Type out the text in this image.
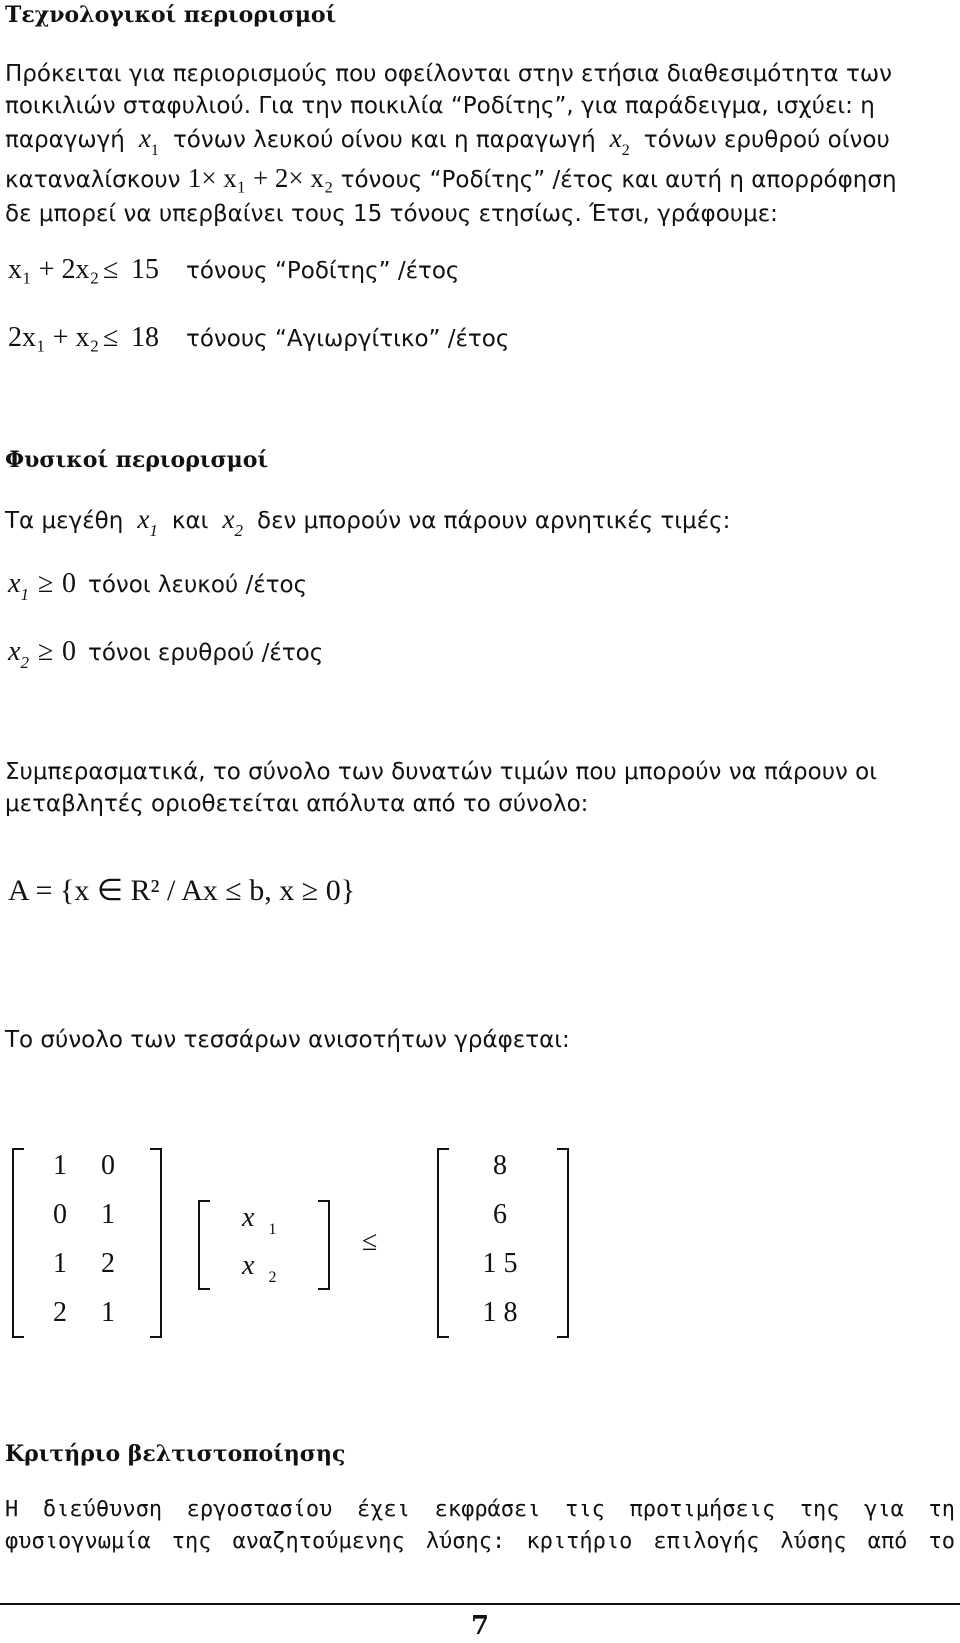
Τεχνολογικοί περιορισμοί
Πρόκειται για περιορισμούς που οφείλονται στην ετήσια διαθεσιμότητα των
ποικιλιών σταφυλιού. Για την ποικιλία “Ροδίτης”, για παράδειγμα, ισχύει: η
παραγωγή $x_1$ τόνων λευκού οίνου και η παραγωγή $x_2$ τόνων ερυθρού οίνου
καταναλίσκουν 1× x₁ + 2× x₂ τόνους “Ροδίτης” /έτος και αυτή η απορρόφηση
δε μπορεί να υπερβαίνει τους 15 τόνους ετησίως. Έτσι, γράφουμε:
x₁ + 2x₂ ≤ 15 τόνους “Ροδίτης” /έτος
2x₁ + x₂ ≤ 18 τόνους “Αγιωργίτικο” /έτος
Φυσικοί περιορισμοί
Τα μεγέθη $x_1$ και $x_2$ δεν μπορούν να πάρουν αρνητικές τιμές:
$x_1 \ge 0$ τόνοι λευκού /έτος
$x_2 \ge 0$ τόνοι ερυθρού /έτος
Συμπερασματικά, το σύνολο των δυνατών τιμών που μπορούν να πάρουν οι
μεταβλητές οριοθετείται απόλυτα από το σύνολο:
A = {x ∈ R² / Ax ≤ b, x ≥ 0}
Το σύνολο των τεσσάρων ανισοτήτων γράφεται:
1	0
0	1
1	2
2	1
x $_1$
x $_2$
≤
8
6
1 5
1 8
Κριτήριο βελτιστοποίησης
Η διεύθυνση εργοστασίου έχει εκφράσει τις προτιμήσεις της για τη
φυσιογνωμία της αναζητούμενης λύσης: κριτήριο επιλογής λύσης από το
7
